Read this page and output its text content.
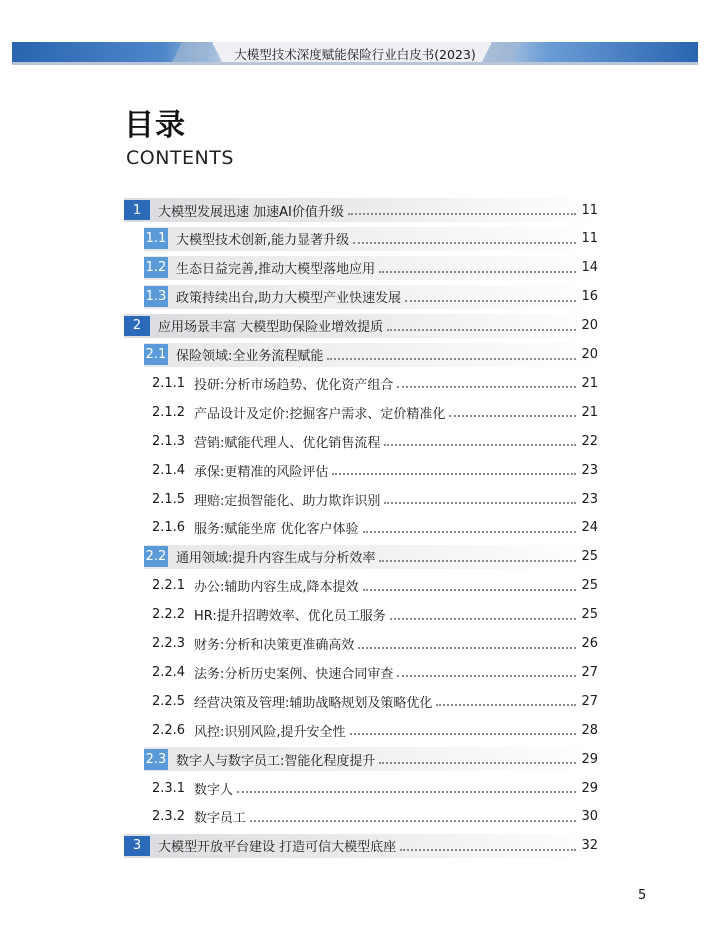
大模型技术深度赋能保险行业白皮书(2023)
目录
CONTENTS
1	大模型发展迅速 加速AI价值升级	11
1.1 大模型技术创新,能力显著升级	11
1.2 生态日益完善,推动大模型落地应用	14
1.3 政策持续出台,助力大模型产业快速发展	16
2	应用场景丰富 大模型助保险业增效提质	20
2.1 保险领域:全业务流程赋能	20
2.1.1 投研:分析市场趋势、优化资产组合	21
2.1.2 产品设计及定价:挖掘客户需求、定价精准化	21
2.1.3 营销:赋能代理人、优化销售流程	22
2.1.4 承保:更精准的风险评估	23
2.1.5 理赔:定损智能化、助力欺诈识别	23
2.1.6 服务:赋能坐席 优化客户体验	24
2.2 通用领域:提升内容生成与分析效率	25
2.2.1 办公:辅助内容生成,降本提效	25
2.2.2 HR:提升招聘效率、优化员工服务	25
2.2.3 财务:分析和决策更准确高效	26
2.2.4 法务:分析历史案例、快速合同审查	27
2.2.5 经营决策及管理:辅助战略规划及策略优化	27
2.2.6 风控:识别风险,提升安全性	28
2.3 数字人与数字员工:智能化程度提升	29
2.3.1 数字人	29
2.3.2 数字员工	30
3	大模型开放平台建设 打造可信大模型底座	32
5
